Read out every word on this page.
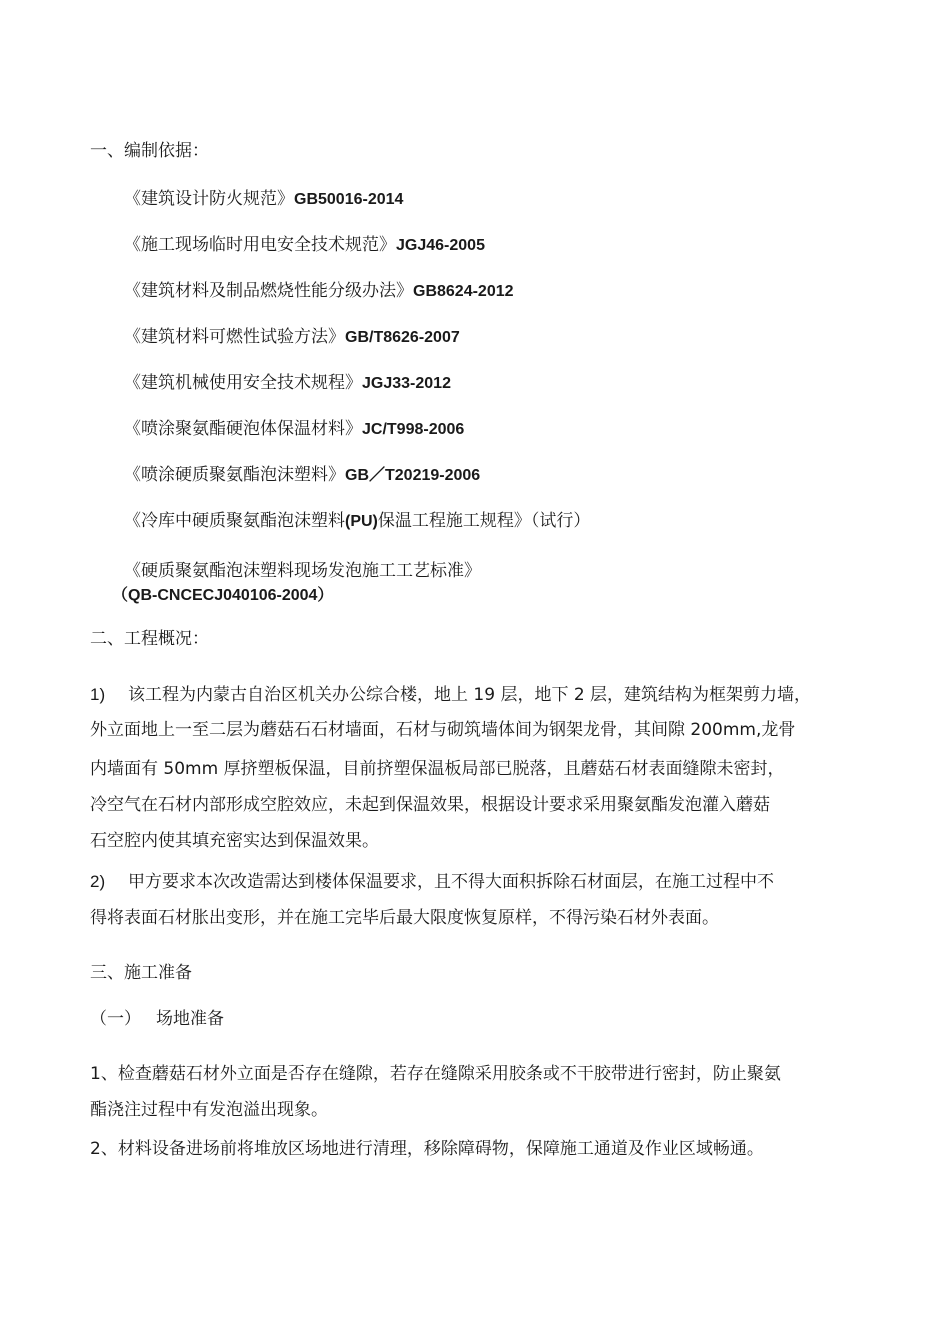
一、编制依据：
《建筑设计防火规范》GB50016-2014
《施工现场临时用电安全技术规范》JGJ46-2005
《建筑材料及制品燃烧性能分级办法》GB8624-2012
《建筑材料可燃性试验方法》GB/T8626-2007
《建筑机械使用安全技术规程》JGJ33-2012
《喷涂聚氨酯硬泡体保温材料》JC/T998-2006
《喷涂硬质聚氨酯泡沫塑料》GB／T20219-2006
《冷库中硬质聚氨酯泡沫塑料(PU)保温工程施工规程》（试行）
《硬质聚氨酯泡沫塑料现场发泡施工工艺标准》
（QB-CNCECJ040106-2004）
二、工程概况：
1) 该工程为内蒙古自治区机关办公综合楼，地上 19 层，地下 2 层，建筑结构为框架剪力墙，
外立面地上一至二层为蘑菇石石材墙面，石材与砌筑墙体间为钢架龙骨，其间隙 200mm,龙骨
内墙面有 50mm 厚挤塑板保温，目前挤塑保温板局部已脱落，且蘑菇石材表面缝隙未密封，
冷空气在石材内部形成空腔效应，未起到保温效果，根据设计要求采用聚氨酯发泡灌入蘑菇
石空腔内使其填充密实达到保温效果。
2) 甲方要求本次改造需达到楼体保温要求，且不得大面积拆除石材面层，在施工过程中不
得将表面石材胀出变形，并在施工完毕后最大限度恢复原样，不得污染石材外表面。
三、施工准备
（一） 场地准备
1、检查蘑菇石材外立面是否存在缝隙，若存在缝隙采用胶条或不干胶带进行密封，防止聚氨
酯浇注过程中有发泡溢出现象。
2、材料设备进场前将堆放区场地进行清理，移除障碍物，保障施工通道及作业区域畅通。
